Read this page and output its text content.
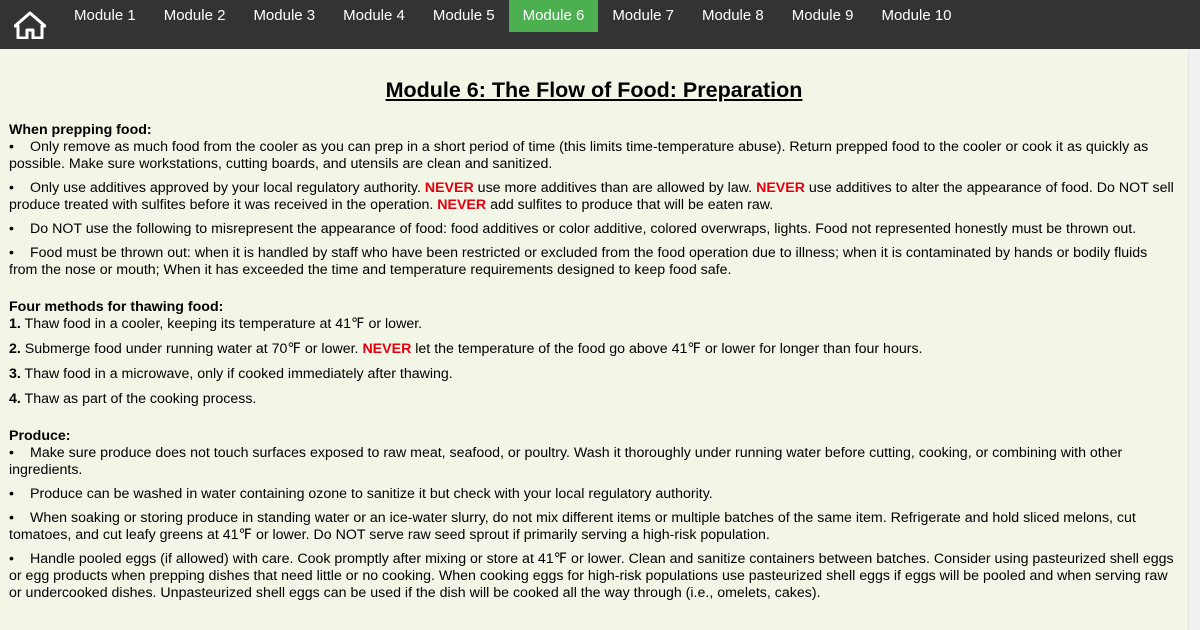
Module 1	Module 2	Module 3	Module 4	Module 5	Module 6	Module 7	Module 8	Module 9	Module 10
Module 6: The Flow of Food: Preparation
When prepping food:
• Only remove as much food from the cooler as you can prep in a short period of time (this limits time-temperature abuse). Return prepped food to the cooler or cook it as quickly as possible. Make sure workstations, cutting boards, and utensils are clean and sanitized.
• Only use additives approved by your local regulatory authority. NEVER use more additives than are allowed by law. NEVER use additives to alter the appearance of food. Do NOT sell produce treated with sulfites before it was received in the operation. NEVER add sulfites to produce that will be eaten raw.
• Do NOT use the following to misrepresent the appearance of food: food additives or color additive, colored overwraps, lights. Food not represented honestly must be thrown out.
• Food must be thrown out: when it is handled by staff who have been restricted or excluded from the food operation due to illness; when it is contaminated by hands or bodily fluids from the nose or mouth; When it has exceeded the time and temperature requirements designed to keep food safe.
Four methods for thawing food:
1. Thaw food in a cooler, keeping its temperature at 41℉ or lower.
2. Submerge food under running water at 70℉ or lower. NEVER let the temperature of the food go above 41℉ or lower for longer than four hours.
3. Thaw food in a microwave, only if cooked immediately after thawing.
4. Thaw as part of the cooking process.
Produce:
• Make sure produce does not touch surfaces exposed to raw meat, seafood, or poultry. Wash it thoroughly under running water before cutting, cooking, or combining with other ingredients.
• Produce can be washed in water containing ozone to sanitize it but check with your local regulatory authority.
• When soaking or storing produce in standing water or an ice-water slurry, do not mix different items or multiple batches of the same item. Refrigerate and hold sliced melons, cut tomatoes, and cut leafy greens at 41℉ or lower. Do NOT serve raw seed sprout if primarily serving a high-risk population.
• Handle pooled eggs (if allowed) with care. Cook promptly after mixing or store at 41℉ or lower. Clean and sanitize containers between batches. Consider using pasteurized shell eggs or egg products when prepping dishes that need little or no cooking. When cooking eggs for high-risk populations use pasteurized shell eggs if eggs will be pooled and when serving raw or undercooked dishes. Unpasteurized shell eggs can be used if the dish will be cooked all the way through (i.e., omelets, cakes).
